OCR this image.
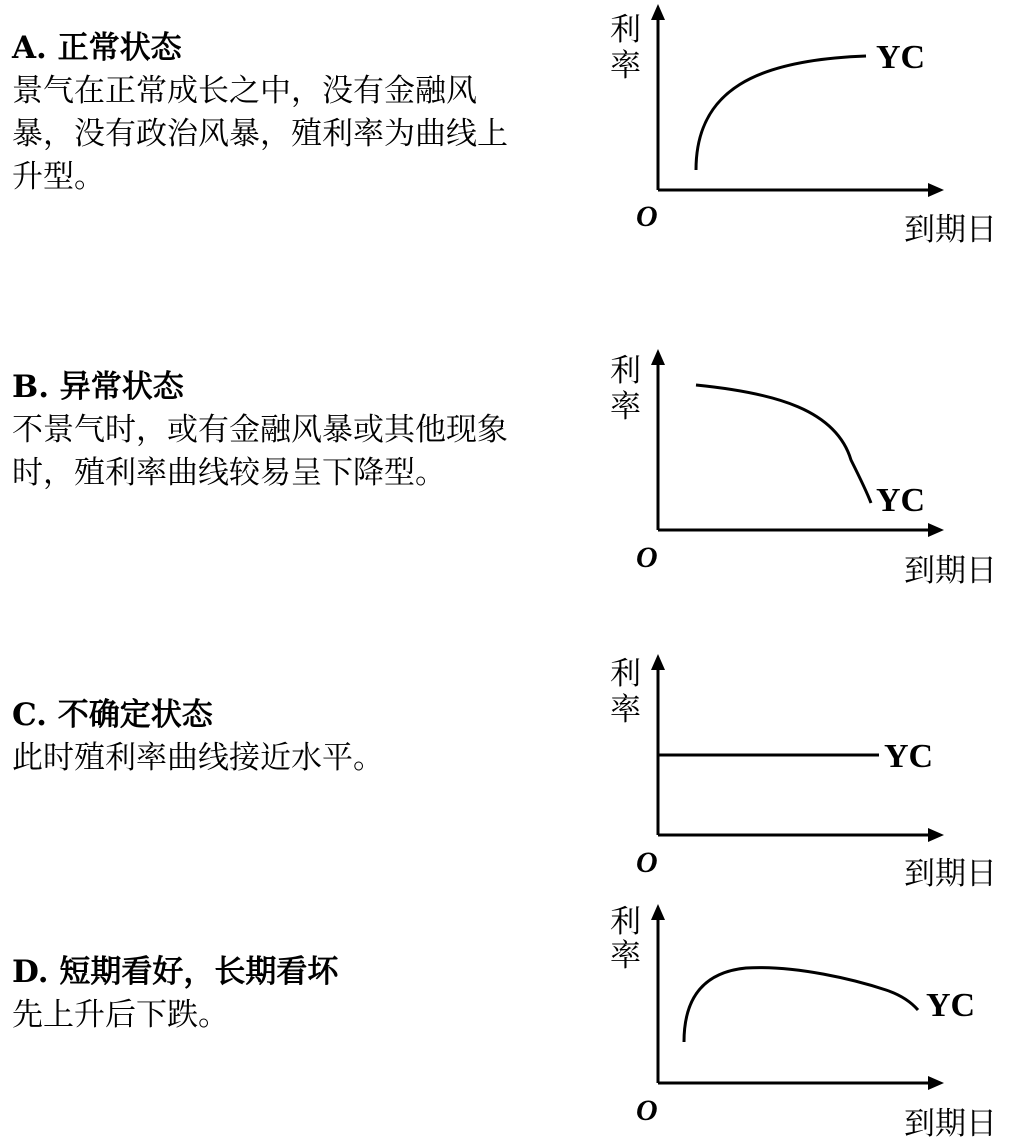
A. 正常状态
景气在正常成长之中，没有金融风暴，没有政治风暴，殖利率为曲线上升型。
利
率
O	到期日
YC
B. 异常状态
不景气时，或有金融风暴或其他现象时，殖利率曲线较易呈下降型。
利
率
O	到期日
YC
C. 不确定状态
此时殖利率曲线接近水平。
利
率
O	到期日
YC
D. 短期看好，长期看坏
先上升后下跌。
利
率
O	到期日
YC
